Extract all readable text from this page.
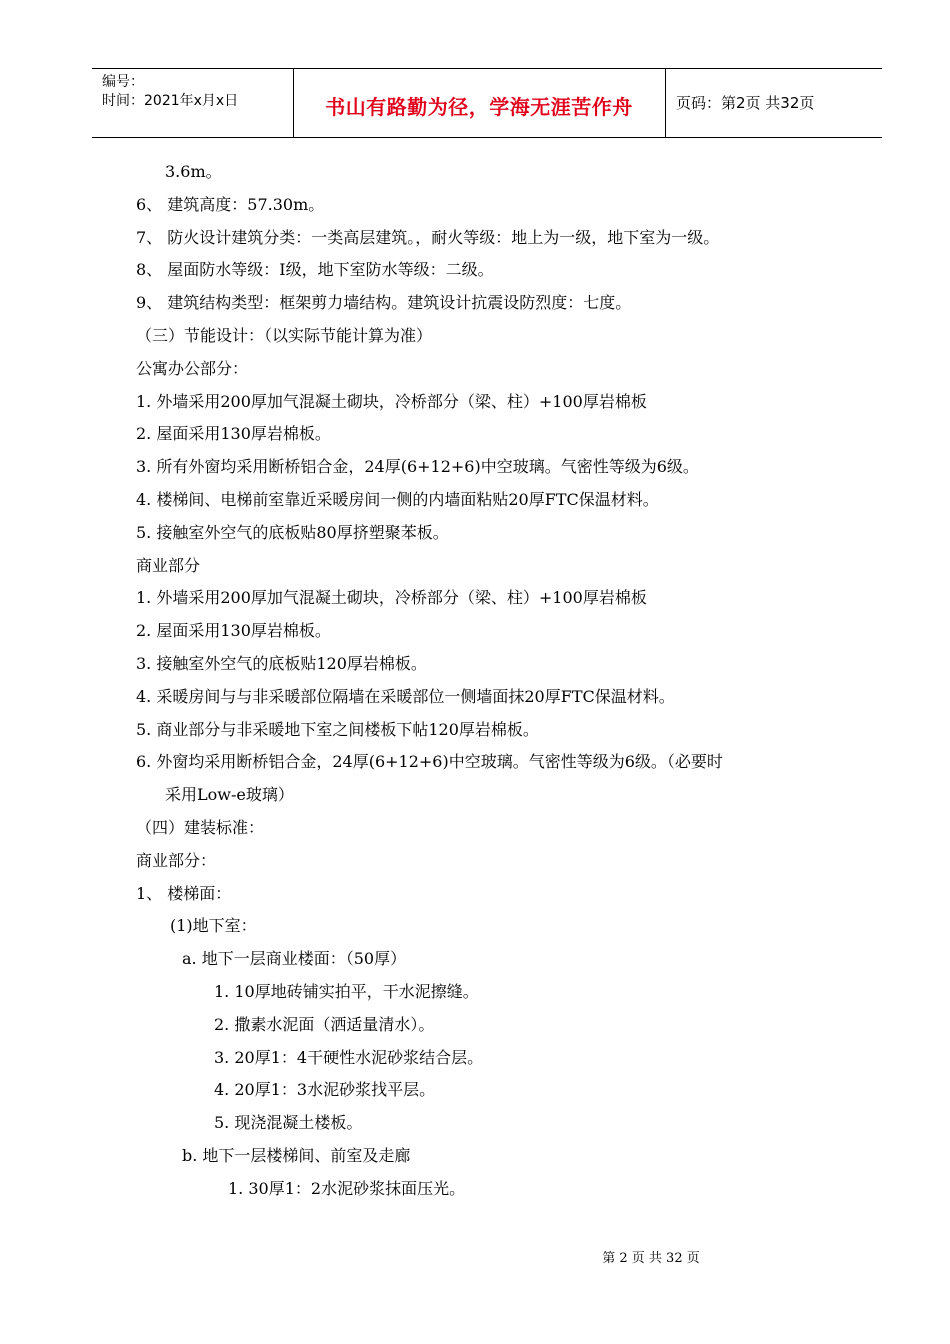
编号：
时间：2021年x月x日	书山有路勤为径，学海无涯苦作舟	页码：第2页 共32页
3.6m。
6、 建筑高度：57.30m。
7、 防火设计建筑分类：一类高层建筑。，耐火等级：地上为一级，地下室为一级。
8、 屋面防水等级：I级，地下室防水等级：二级。
9、 建筑结构类型：框架剪力墙结构。建筑设计抗震设防烈度：七度。
（三）节能设计：（以实际节能计算为准）
公寓办公部分：
1. 外墙采用200厚加气混凝土砌块，冷桥部分（梁、柱）+100厚岩棉板
2. 屋面采用130厚岩棉板。
3. 所有外窗均采用断桥铝合金，24厚(6+12+6)中空玻璃。气密性等级为6级。
4. 楼梯间、电梯前室靠近采暖房间一侧的内墙面粘贴20厚FTC保温材料。
5. 接触室外空气的底板贴80厚挤塑聚苯板。
商业部分
1. 外墙采用200厚加气混凝土砌块，冷桥部分（梁、柱）+100厚岩棉板
2. 屋面采用130厚岩棉板。
3. 接触室外空气的底板贴120厚岩棉板。
4. 采暖房间与与非采暖部位隔墙在采暖部位一侧墙面抹20厚FTC保温材料。
5. 商业部分与非采暖地下室之间楼板下帖120厚岩棉板。
6. 外窗均采用断桥铝合金，24厚(6+12+6)中空玻璃。气密性等级为6级。（必要时
采用Low-e玻璃）
（四）建装标准：
商业部分：
1、 楼梯面：
(1)地下室：
a. 地下一层商业楼面：（50厚）
1. 10厚地砖铺实拍平，干水泥擦缝。
2. 撒素水泥面（洒适量清水）。
3. 20厚1：4干硬性水泥砂浆结合层。
4. 20厚1：3水泥砂浆找平层。
5. 现浇混凝土楼板。
b. 地下一层楼梯间、前室及走廊
1. 30厚1：2水泥砂浆抹面压光。
第 2 页 共 32 页
